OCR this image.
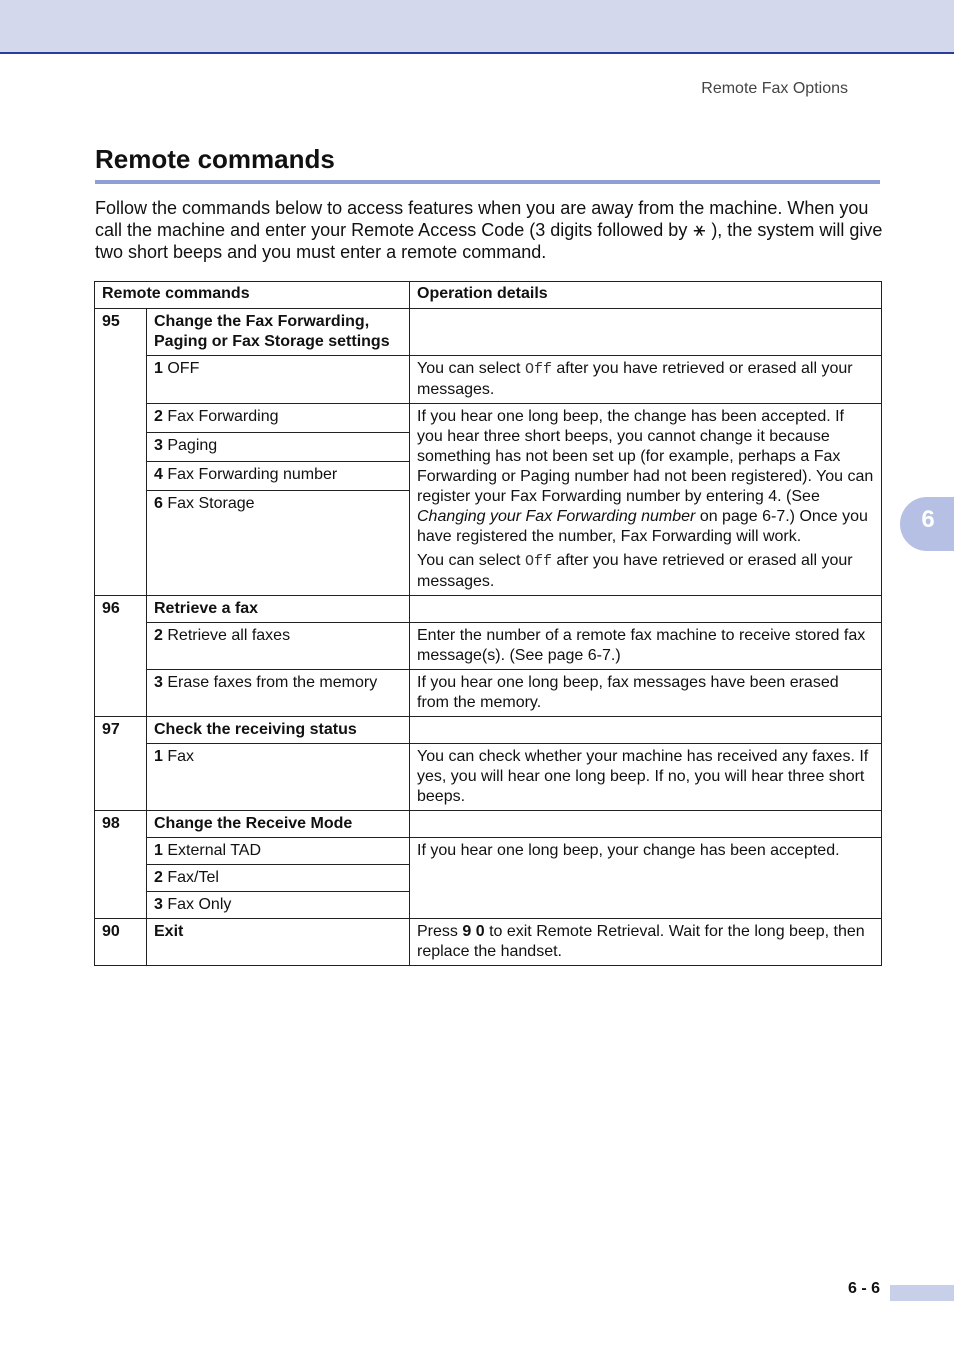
Remote Fax Options
Remote commands

Follow the commands below to access features when you are away from the machine. When you call the machine and enter your Remote Access Code (3 digits followed by ⚹ ), the system will give two short beeps and you must enter a remote command.

Remote commands		Operation details
95	Change the Fax Forwarding, Paging or Fax Storage settings	
	1 OFF	You can select Off after you have retrieved or erased all your messages.
	2 Fax Forwarding	If you hear one long beep, the change has been accepted. If you hear three short beeps, you cannot change it because something has not been set up (for example, perhaps a Fax Forwarding or Paging number had not been registered). You can register your Fax Forwarding number by entering 4. (See Changing your Fax Forwarding number on page 6-7.) Once you have registered the number, Fax Forwarding will work.
You can select Off after you have retrieved or erased all your messages.

	3 Paging	
	4 Fax Forwarding number	
	6 Fax Storage	
96	Retrieve a fax	
	2 Retrieve all faxes	Enter the number of a remote fax machine to receive stored fax message(s). (See page 6-7.)
	3 Erase faxes from the memory	If you hear one long beep, fax messages have been erased from the memory.
97	Check the receiving status	
	1 Fax	You can check whether your machine has received any faxes. If yes, you will hear one long beep. If no, you will hear three short beeps.
98	Change the Receive Mode	
	1 External TAD	If you hear one long beep, your change has been accepted.
	2 Fax/Tel	
	3 Fax Only	
90	Exit	Press 9 0 to exit Remote Retrieval. Wait for the long beep, then replace the handset.
6
6 - 6
